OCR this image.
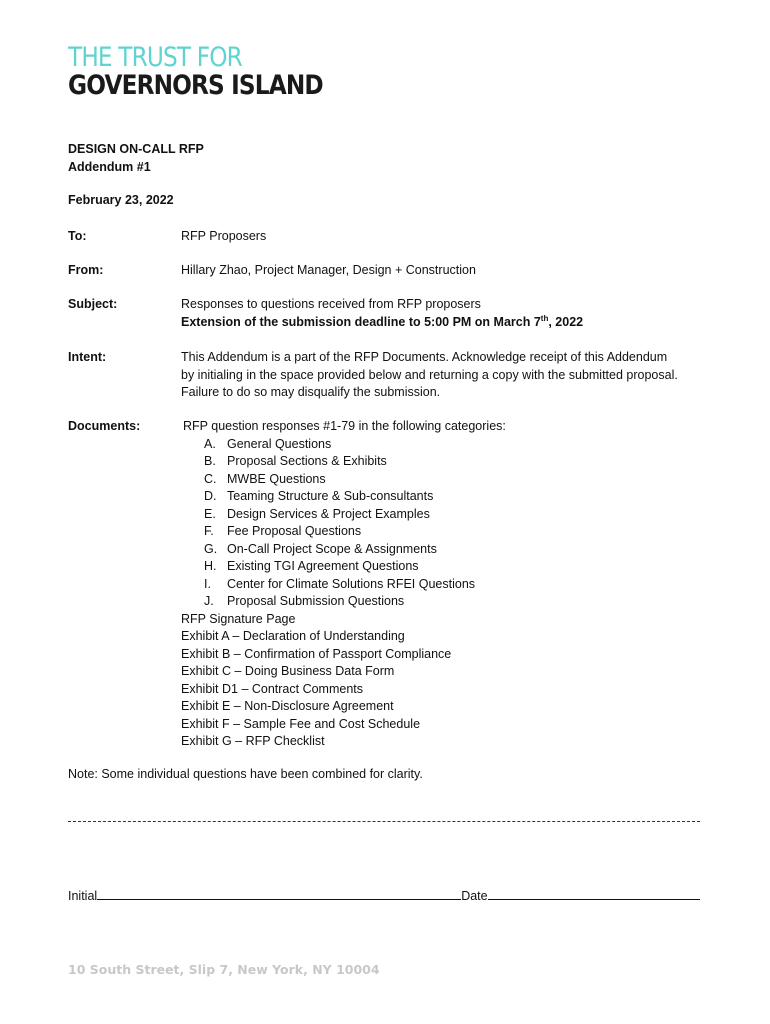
THE TRUST FOR
GOVERNORS ISLAND
DESIGN ON-CALL RFP
Addendum #1
February 23, 2022
To:	RFP Proposers
From:	Hillary Zhao, Project Manager, Design + Construction
Subject:	Responses to questions received from RFP proposers
Extension of the submission deadline to 5:00 PM on March 7th, 2022
Intent:	This Addendum is a part of the RFP Documents. Acknowledge receipt of this Addendum by initialing in the space provided below and returning a copy with the submitted proposal. Failure to do so may disqualify the submission.
Documents:	RFP question responses #1-79 in the following categories:
A. General Questions
B. Proposal Sections & Exhibits
C. MWBE Questions
D. Teaming Structure & Sub-consultants
E. Design Services & Project Examples
F. Fee Proposal Questions
G. On-Call Project Scope & Assignments
H. Existing TGI Agreement Questions
I. Center for Climate Solutions RFEI Questions
J. Proposal Submission Questions
RFP Signature Page
Exhibit A – Declaration of Understanding
Exhibit B – Confirmation of Passport Compliance
Exhibit C – Doing Business Data Form
Exhibit D1 – Contract Comments
Exhibit E – Non-Disclosure Agreement
Exhibit F – Sample Fee and Cost Schedule
Exhibit G – RFP Checklist
Note: Some individual questions have been combined for clarity.
Initial	Date
10 South Street, Slip 7, New York, NY 10004
